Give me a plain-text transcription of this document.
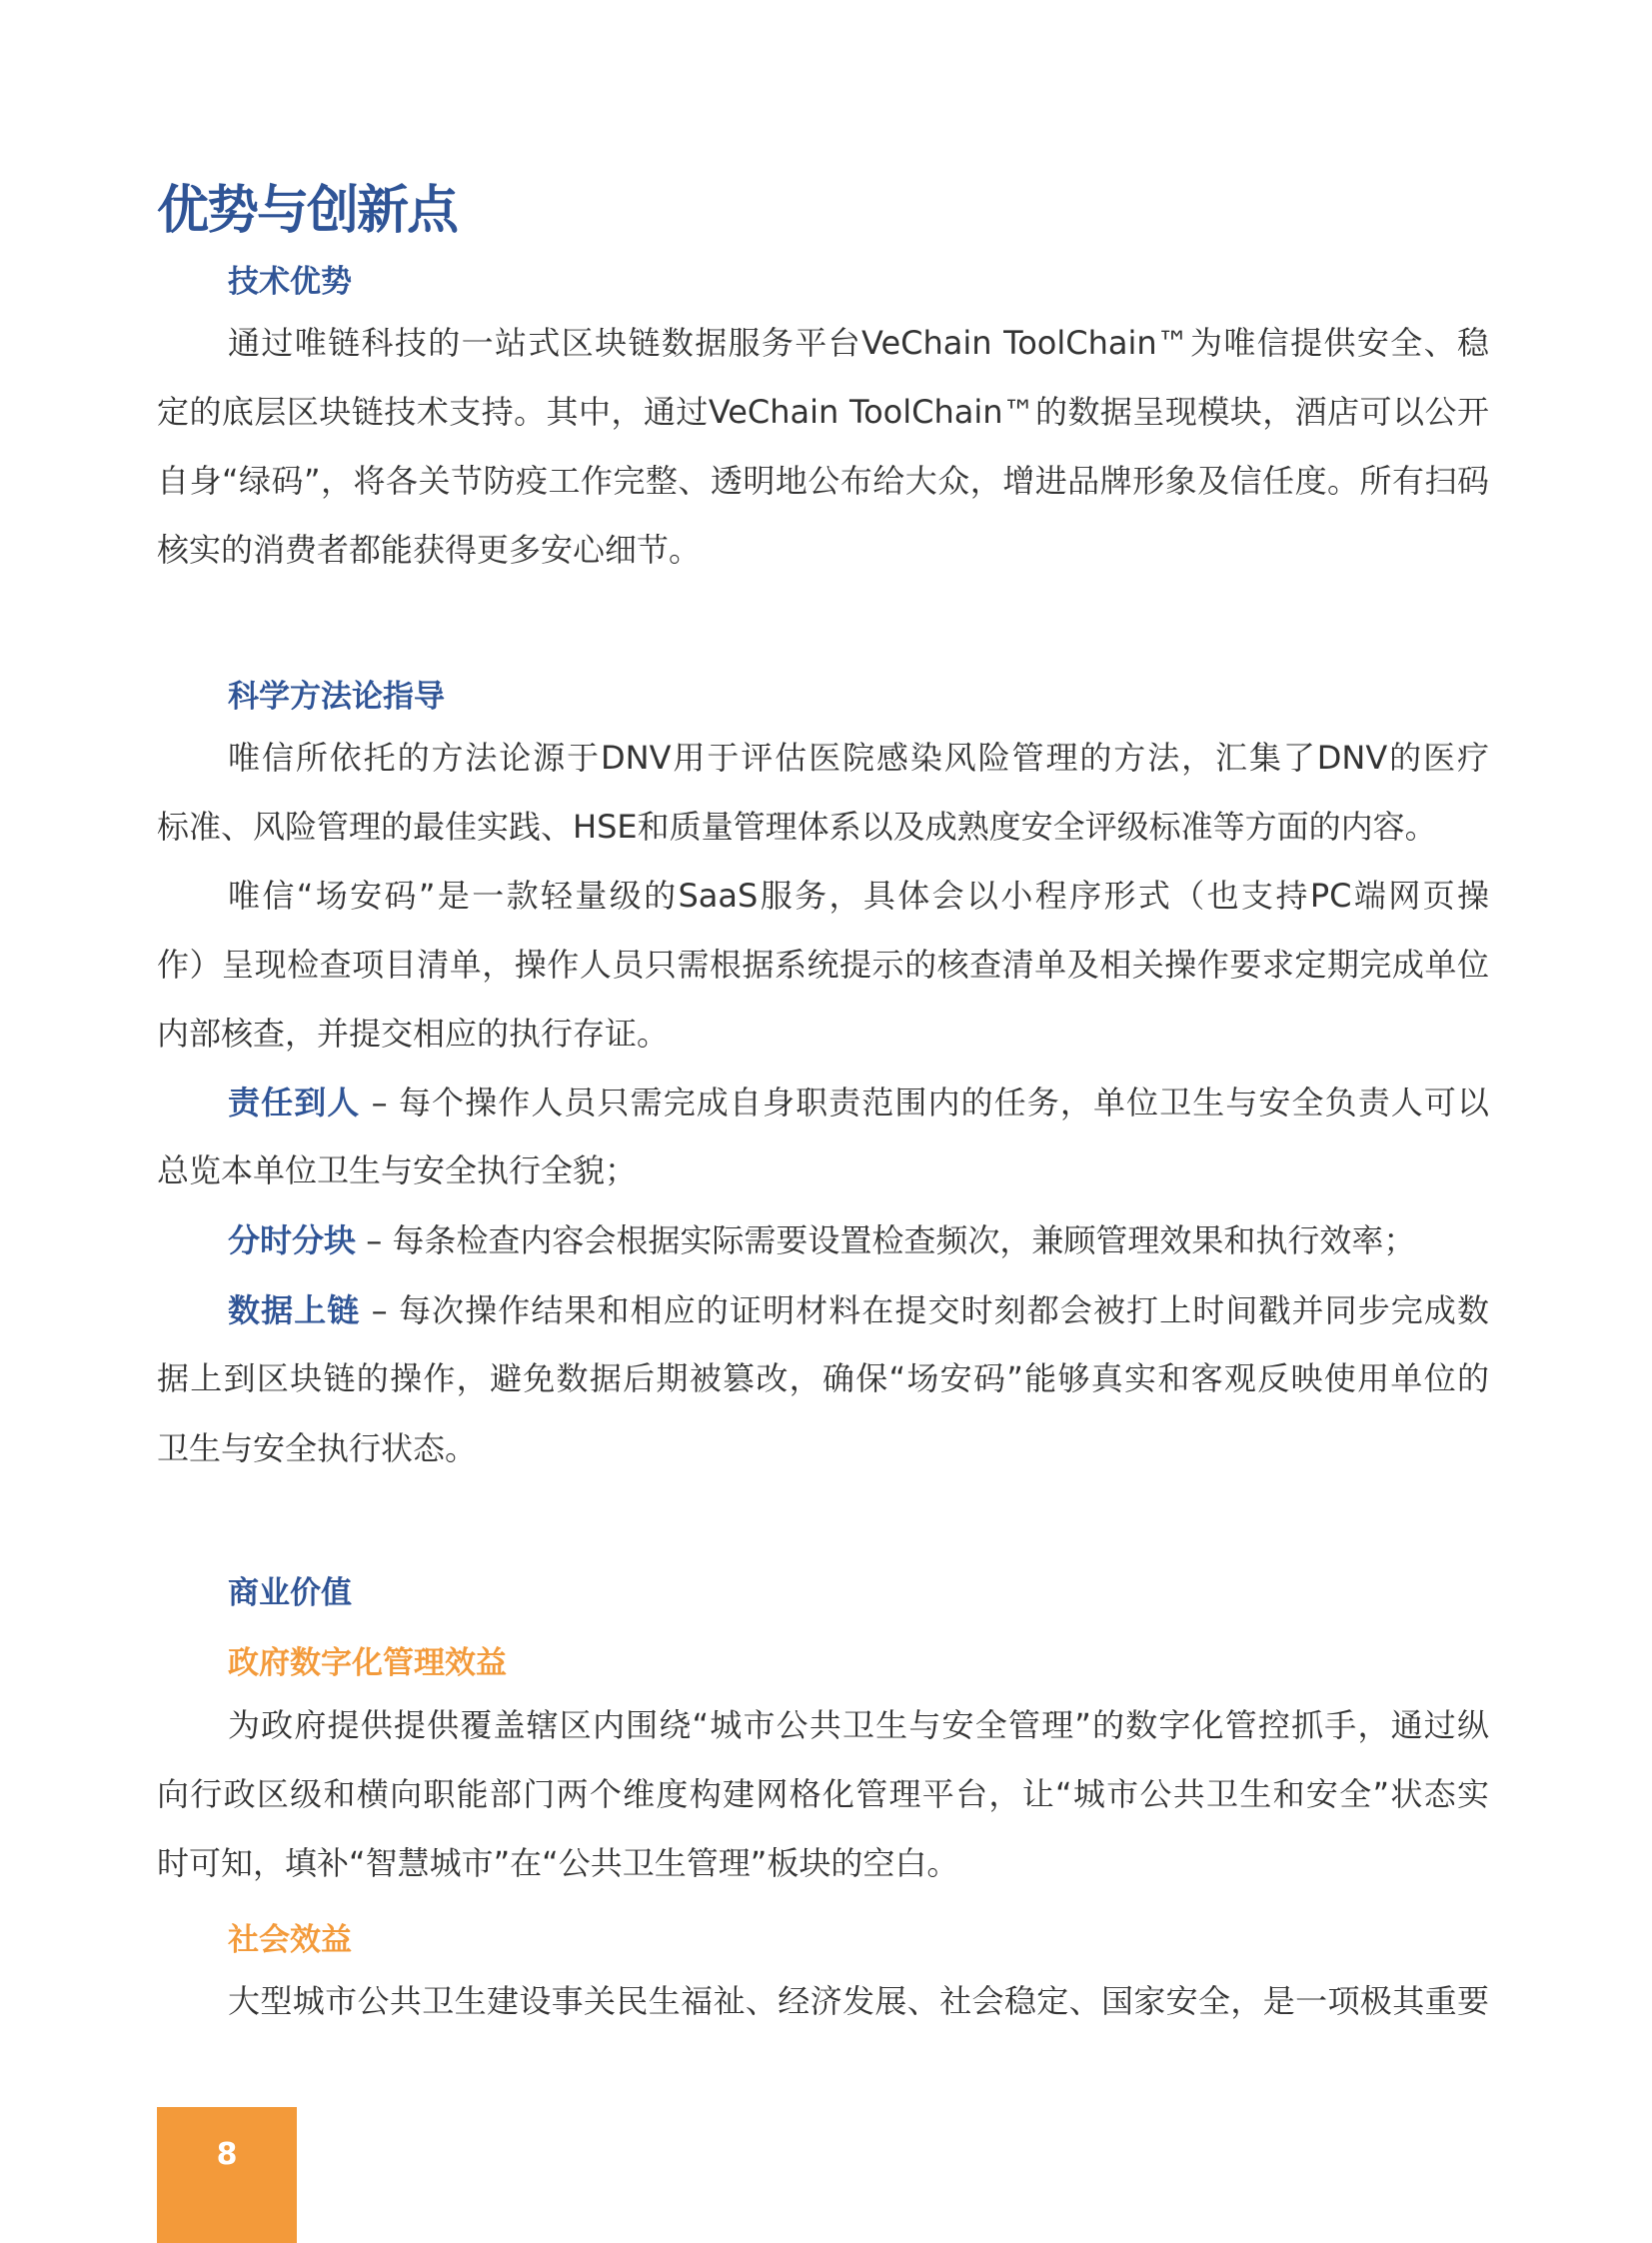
优势与创新点
技术优势
通过唯链科技的一站式区块链数据服务平台VeChain ToolChain™为唯信提供安全、稳
定的底层区块链技术支持。其中，通过VeChain ToolChain™的数据呈现模块，酒店可以公开
自身“绿码”，将各关节防疫工作完整、透明地公布给大众，增进品牌形象及信任度。所有扫码
核实的消费者都能获得更多安心细节。
科学方法论指导
唯信所依托的方法论源于DNV用于评估医院感染风险管理的方法，汇集了DNV的医疗
标准、风险管理的最佳实践、HSE和质量管理体系以及成熟度安全评级标准等方面的内容。
唯信“场安码”是一款轻量级的SaaS服务，具体会以小程序形式（也支持PC端网页操
作）呈现检查项目清单，操作人员只需根据系统提示的核查清单及相关操作要求定期完成单位
内部核查，并提交相应的执行存证。
责任到人 – 每个操作人员只需完成自身职责范围内的任务，单位卫生与安全负责人可以
总览本单位卫生与安全执行全貌；
分时分块 – 每条检查内容会根据实际需要设置检查频次，兼顾管理效果和执行效率；
数据上链 – 每次操作结果和相应的证明材料在提交时刻都会被打上时间戳并同步完成数
据上到区块链的操作，避免数据后期被篡改，确保“场安码”能够真实和客观反映使用单位的
卫生与安全执行状态。
商业价值
政府数字化管理效益
为政府提供提供覆盖辖区内围绕“城市公共卫生与安全管理”的数字化管控抓手，通过纵
向行政区级和横向职能部门两个维度构建网格化管理平台，让“城市公共卫生和安全”状态实
时可知，填补“智慧城市”在“公共卫生管理”板块的空白。
社会效益
大型城市公共卫生建设事关民生福祉、经济发展、社会稳定、国家安全，是一项极其重要
8
